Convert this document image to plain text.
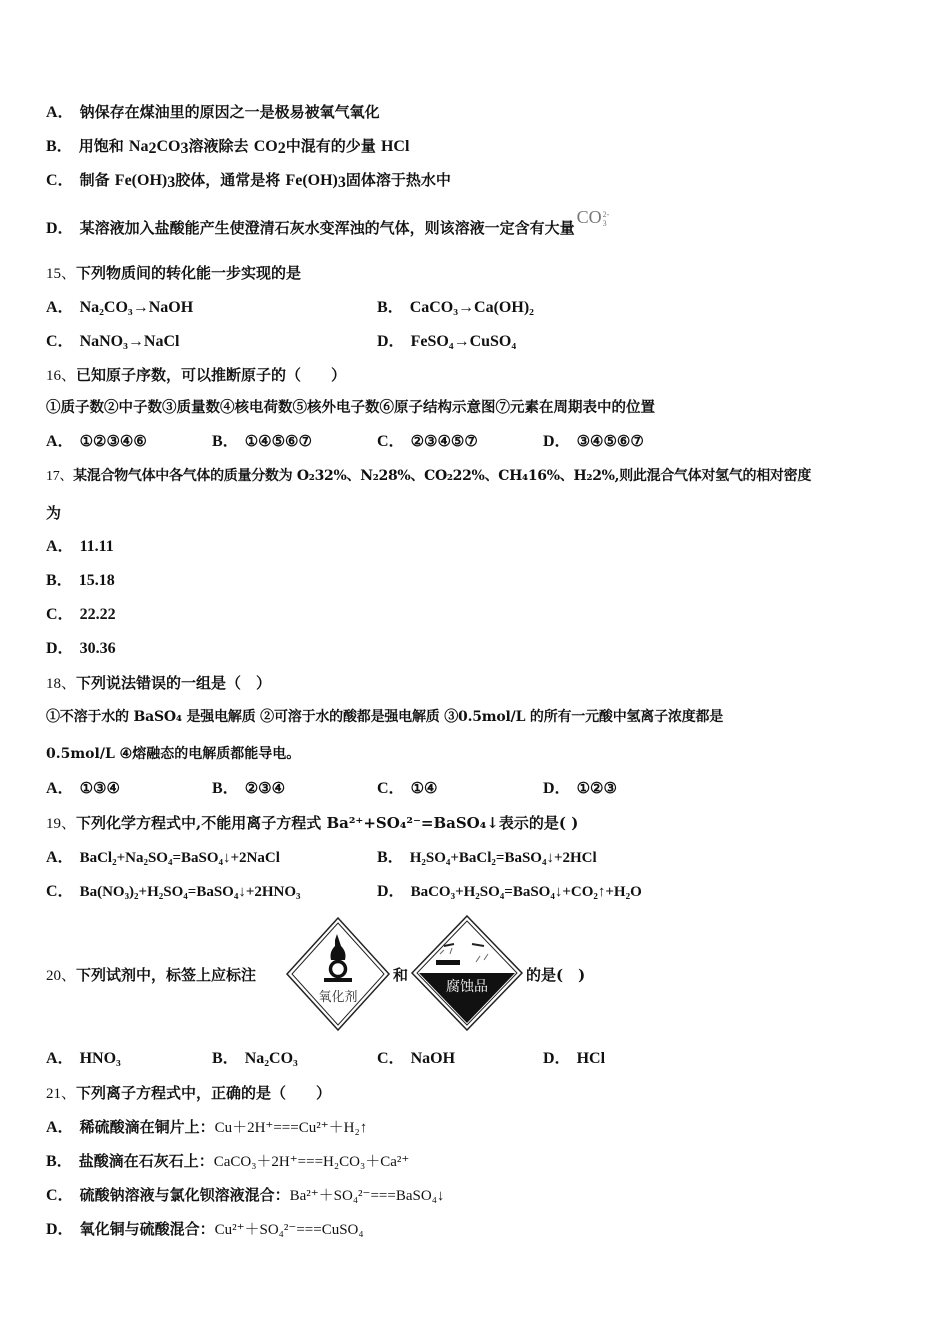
A． 钠保存在煤油里的原因之一是极易被氧气氧化
B． 用饱和 $Na_2CO_3$溶液除去 $CO_2$中混有的少量 HCl
C． 制备 $Fe(OH)_3$胶体，通常是将 $Fe(OH)_3$固体溶于热水中
D． 某溶液加入盐酸能产生使澄清石灰水变浑浊的气体，则该溶液一定含有大量CO2-
3
15、下列物质间的转化能一步实现的是
A． Na₂CO₃→NaOH	B． CaCO₃→Ca(OH)₂
C． NaNO₃→NaCl	D． FeSO₄→CuSO₄
16、已知原子序数，可以推断原子的（　　）
①质子数②中子数③质量数④核电荷数⑤核外电子数⑥原子结构示意图⑦元素在周期表中的位置
A． ①②③④⑥	B． ①④⑤⑥⑦	C． ②③④⑤⑦	D． ③④⑤⑥⑦
17、某混合物气体中各气体的质量分数为 O₂32%、N₂28%、CO₂22%、CH₄16%、H₂2%,则此混合气体对氢气的相对密度
为
A． 11.11
B． 15.18
C． 22.22
D． 30.36
18、下列说法错误的一组是（　）
①不溶于水的 BaSO₄ 是强电解质 ②可溶于水的酸都是强电解质 ③0.5mol/L 的所有一元酸中氢离子浓度都是
0.5mol/L ④熔融态的电解质都能导电。
A． ①③④	B． ②③④	C． ①④	D． ①②③
19、下列化学方程式中,不能用离子方程式 Ba²⁺+SO₄²⁻=BaSO₄↓表示的是( )
A． BaCl₂+Na₂SO₄=BaSO₄↓+2NaCl	B． H₂SO₄+BaCl₂=BaSO₄↓+2HCl
C． Ba(NO₃)₂+H₂SO₄=BaSO₄↓+2HNO₃	D． BaCO₃+H₂SO₄=BaSO₄↓+CO₂↑+H₂O
20、下列试剂中，标签上应标注
氧化剂
和
腐蚀品
的是(　)
A． HNO₃	B． Na₂CO₃	C． NaOH	D． HCl
21、下列离子方程式中，正确的是（　　）
A． 稀硫酸滴在铜片上：Cu＋2H⁺===Cu²⁺＋H₂↑
B． 盐酸滴在石灰石上：CaCO₃＋2H⁺===H₂CO₃＋Ca²⁺
C． 硫酸钠溶液与氯化钡溶液混合：Ba²⁺＋SO₄²⁻===BaSO₄↓
D． 氧化铜与硫酸混合：Cu²⁺＋SO₄²⁻===CuSO₄
